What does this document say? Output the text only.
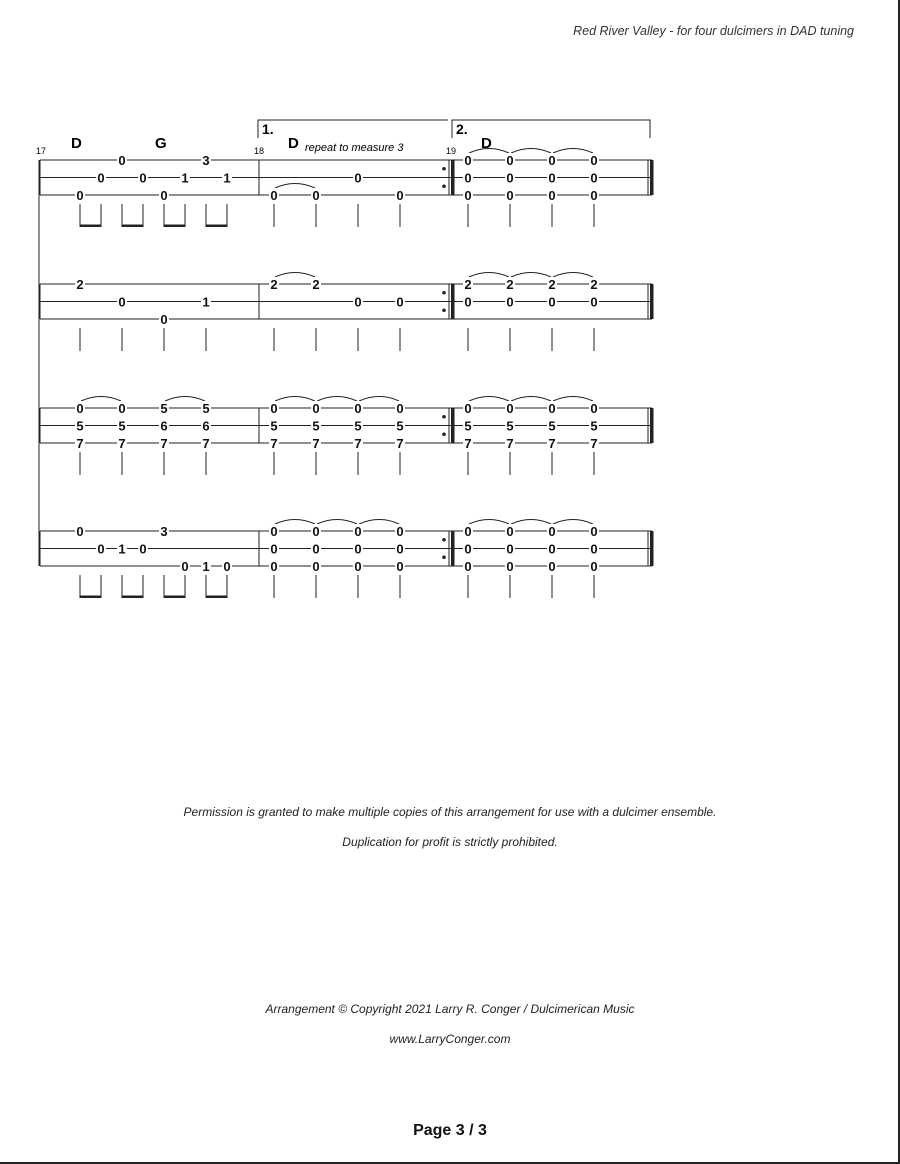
Red River Valley - for four dulcimers in DAD tuning
17	18	19
D	G	D	D
repeat to measure 3
1.	2.
0
0
0
0
0
1
3
1
0	0
0
0
0
0
0
0
0
0
0
0
0
0
0
0
2
0
0
1
2	2
0	0
2
0
2
0
2
0
2
0
0
5
7
0
5
7
5
6
7
5
6
7
0
5
7
0
5
7
0
5
7
0
5
7
0
5
7
0
5
7
0
5
7
0
5
7
0
0 1 0
3
0 1 0
0
0
0
0
0
0
0
0
0
0
0
0
0
0
0
0
0
0
0
0
0
0
0
0
Permission is granted to make multiple copies of this arrangement for use with a dulcimer ensemble.
Duplication for profit is strictly prohibited.
Arrangement © Copyright 2021 Larry R. Conger / Dulcimerican Music
www.LarryConger.com
Page 3 / 3
